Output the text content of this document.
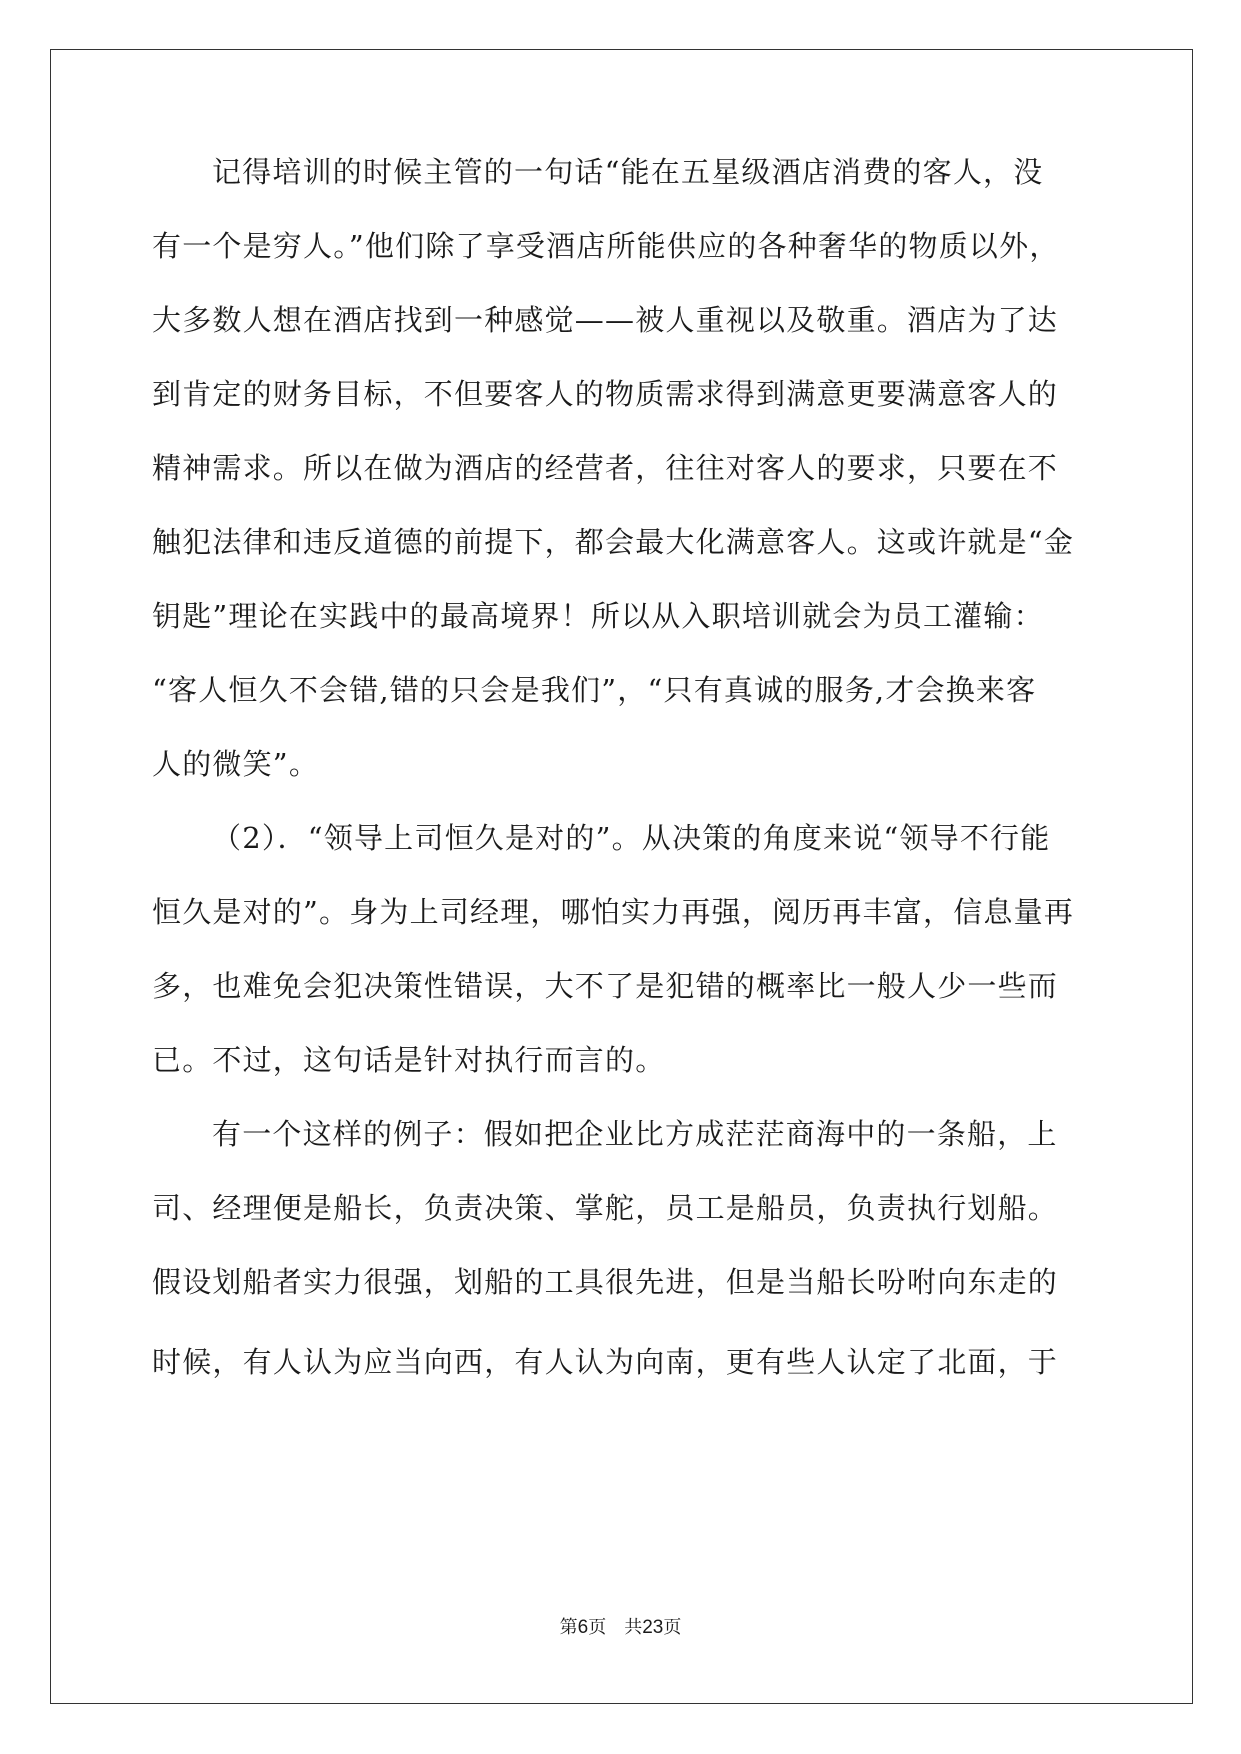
记得培训的时候主管的一句话“能在五星级酒店消费的客人，没
有一个是穷人。”他们除了享受酒店所能供应的各种奢华的物质以外，
大多数人想在酒店找到一种感觉——被人重视以及敬重。酒店为了达
到肯定的财务目标，不但要客人的物质需求得到满意更要满意客人的
精神需求。所以在做为酒店的经营者，往往对客人的要求，只要在不
触犯法律和违反道德的前提下，都会最大化满意客人。这或许就是“金
钥匙”理论在实践中的最高境界！所以从入职培训就会为员工灌输：
“客人恒久不会错,错的只会是我们”，“只有真诚的服务,才会换来客
人的微笑”。
（2）．“领导上司恒久是对的”。从决策的角度来说“领导不行能
恒久是对的”。身为上司经理，哪怕实力再强，阅历再丰富，信息量再
多，也难免会犯决策性错误，大不了是犯错的概率比一般人少一些而
已。不过，这句话是针对执行而言的。
有一个这样的例子：假如把企业比方成茫茫商海中的一条船，上
司、经理便是船长，负责决策、掌舵，员工是船员，负责执行划船。
假设划船者实力很强，划船的工具很先进，但是当船长吩咐向东走的
时候，有人认为应当向西，有人认为向南，更有些人认定了北面，于
第6页　共23页
